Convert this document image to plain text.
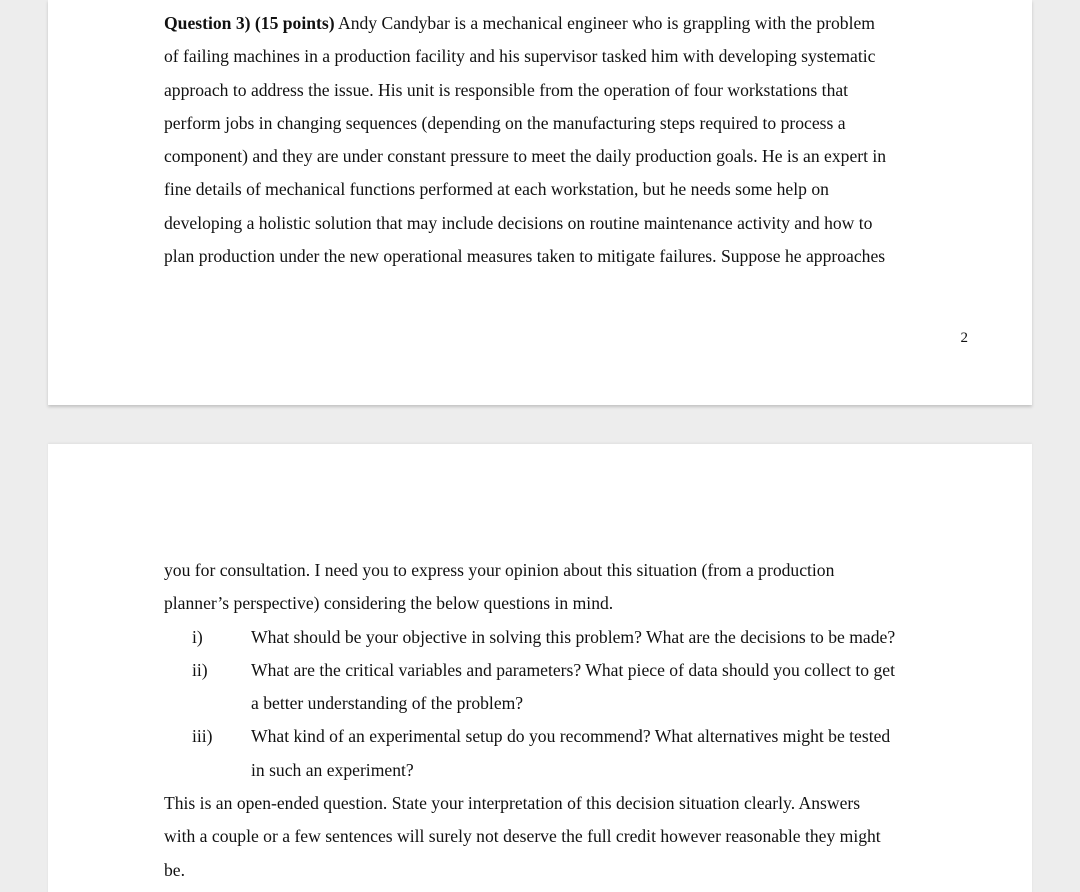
Question 3) (15 points) Andy Candybar is a mechanical engineer who is grappling with the problem
of failing machines in a production facility and his supervisor tasked him with developing systematic
approach to address the issue. His unit is responsible from the operation of four workstations that
perform jobs in changing sequences (depending on the manufacturing steps required to process a
component) and they are under constant pressure to meet the daily production goals. He is an expert in
fine details of mechanical functions performed at each workstation, but he needs some help on
developing a holistic solution that may include decisions on routine maintenance activity and how to
plan production under the new operational measures taken to mitigate failures. Suppose he approaches
2
you for consultation. I need you to express your opinion about this situation (from a production
planner’s perspective) considering the below questions in mind.
i)	What should be your objective in solving this problem? What are the decisions to be made?
ii) What are the critical variables and parameters? What piece of data should you collect to get
a better understanding of the problem?
iii) What kind of an experimental setup do you recommend? What alternatives might be tested
in such an experiment?
This is an open-ended question. State your interpretation of this decision situation clearly. Answers
with a couple or a few sentences will surely not deserve the full credit however reasonable they might
be.
